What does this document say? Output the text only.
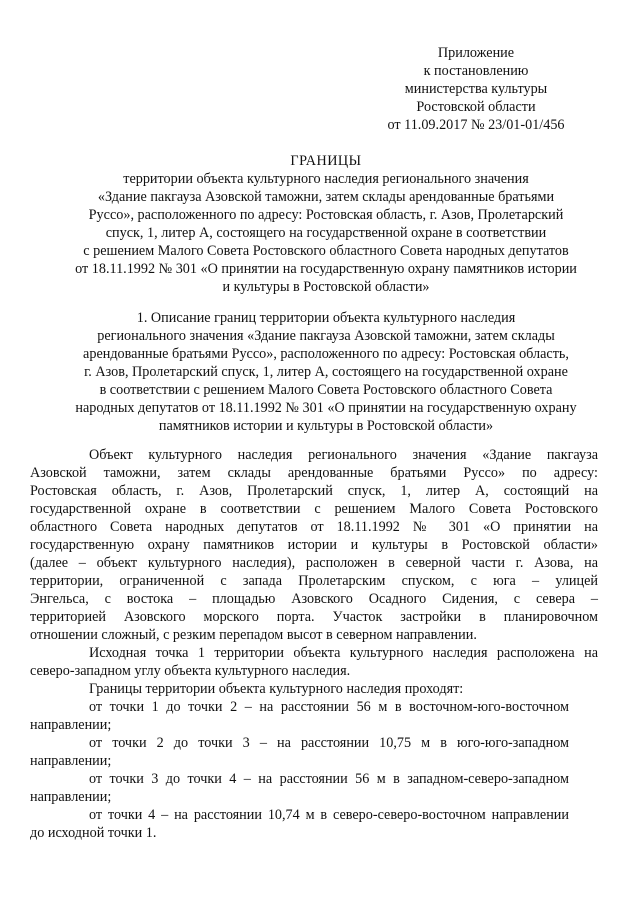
Приложение
к постановлению
министерства культуры
Ростовской области
от 11.09.2017 № 23/01-01/456
ГРАНИЦЫ
территории объекта культурного наследия регионального значения
«Здание пакгауза Азовской таможни, затем склады арендованные братьями
Руссо», расположенного по адресу: Ростовская область, г. Азов, Пролетарский
спуск, 1, литер А, состоящего на государственной охране в соответствии
с решением Малого Совета Ростовского областного Совета народных депутатов
от 18.11.1992 № 301 «О принятии на государственную охрану памятников истории
и культуры в Ростовской области»
1. Описание границ территории объекта культурного наследия
регионального значения «Здание пакгауза Азовской таможни, затем склады
арендованные братьями Руссо», расположенного по адресу: Ростовская область,
г. Азов, Пролетарский спуск, 1, литер А, состоящего на государственной охране
в соответствии с решением Малого Совета Ростовского областного Совета
народных депутатов от 18.11.1992 № 301 «О принятии на государственную охрану
памятников истории и культуры в Ростовской области»
Объект культурного наследия регионального значения «Здание пакгауза
Азовской таможни, затем склады арендованные братьями Руссо» по адресу:
Ростовская область, г. Азов, Пролетарский спуск, 1, литер А, состоящий на
государственной охране в соответствии с решением Малого Совета Ростовского
областного Совета народных депутатов от 18.11.1992 № 301 «О принятии на
государственную охрану памятников истории и культуры в Ростовской области»
(далее – объект культурного наследия), расположен в северной части г. Азова, на
территории, ограниченной с запада Пролетарским спуском, с юга – улицей
Энгельса, с востока – площадью Азовского Осадного Сидения, с севера –
территорией Азовского морского порта. Участок застройки в планировочном
отношении сложный, с резким перепадом высот в северном направлении.
Исходная точка 1 территории объекта культурного наследия расположена на
северо-западном углу объекта культурного наследия.
Границы территории объекта культурного наследия проходят:
от точки 1 до точки 2 – на расстоянии 56 м в восточном-юго-восточном
направлении;
от точки 2 до точки 3 – на расстоянии 10,75 м в юго-юго-западном
направлении;
от точки 3 до точки 4 – на расстоянии 56 м в западном-северо-западном
направлении;
от точки 4 – на расстоянии 10,74 м в северо-северо-восточном направлении
до исходной точки 1.
